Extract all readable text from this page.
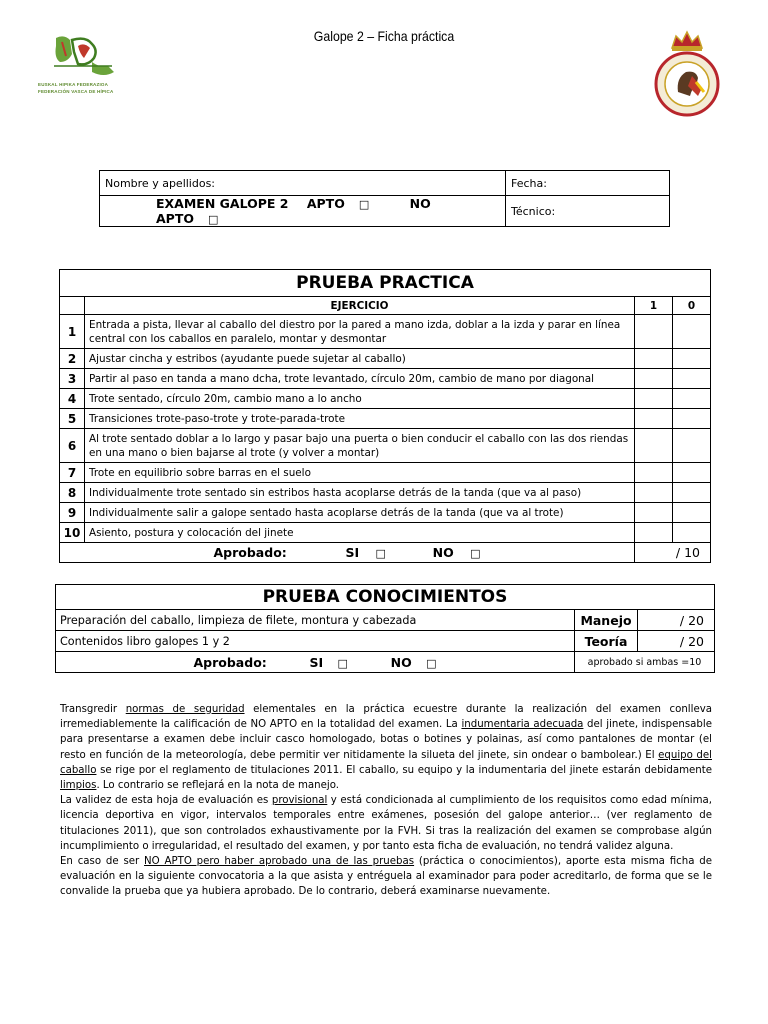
Galope 2 – Ficha práctica
EUSKAL HIPIKA FEDERAZIOA
FEDERACIÓN VASCA DE HÍPICA
Nombre y apellidos:	Fecha:
EXAMEN GALOPE 2 APTO □ NO APTO □	Técnico:
PRUEBA PRACTICA			
	EJERCICIO	1	0
1	Entrada a pista, llevar al caballo del diestro por la pared a mano izda, doblar a la izda y parar en línea central con los caballos en paralelo, montar y desmontar		
2	Ajustar cincha y estribos (ayudante puede sujetar al caballo)		
3	Partir al paso en tanda a mano dcha, trote levantado, círculo 20m, cambio de mano por diagonal		
4	Trote sentado, círculo 20m, cambio mano a lo ancho		
5	Transiciones trote-paso-trote y trote-parada-trote		
6	Al trote sentado doblar a lo largo y pasar bajo una puerta o bien conducir el caballo con las dos riendas en una mano o bien bajarse al trote (y volver a montar)		
7	Trote en equilibrio sobre barras en el suelo		
8	Individualmente trote sentado sin estribos hasta acoplarse detrás de la tanda (que va al paso)		
9	Individualmente salir a galope sentado hasta acoplarse detrás de la tanda (que va al trote)		
10	Asiento, postura y colocación del jinete		
Aprobado: SI □ NO □		/ 10	
PRUEBA CONOCIMIENTOS		
Preparación del caballo, limpieza de filete, montura y cabezada	Manejo	/ 20
Contenidos libro galopes 1 y 2	Teoría	/ 20
Aprobado: SI □ NO □	aprobado si ambas =10	

Transgredir normas de seguridad elementales en la práctica ecuestre durante la realización del examen conlleva irremediablemente la calificación de NO APTO en la totalidad del examen. La indumentaria adecuada del jinete, indispensable para presentarse a examen debe incluir casco homologado, botas o botines y polainas, así como pantalones de montar (el resto en función de la meteorología, debe permitir ver nitidamente la silueta del jinete, sin ondear o bambolear.) El equipo del caballo se rige por el reglamento de titulaciones 2011. El caballo, su equipo y la indumentaria del jinete estarán debidamente limpios. Lo contrario se reflejará en la nota de manejo.

La validez de esta hoja de evaluación es provisional y está condicionada al cumplimiento de los requisitos como edad mínima, licencia deportiva en vigor, intervalos temporales entre exámenes, posesión del galope anterior… (ver reglamento de titulaciones 2011), que son controlados exhaustivamente por la FVH. Si tras la realización del examen se comprobase algún incumplimiento o irregularidad, el resultado del examen, y por tanto esta ficha de evaluación, no tendrá validez alguna.

En caso de ser NO APTO pero haber aprobado una de las pruebas (práctica o conocimientos), aporte esta misma ficha de evaluación en la siguiente convocatoria a la que asista y entréguela al examinador para poder acreditarlo, de forma que se le convalide la prueba que ya hubiera aprobado. De lo contrario, deberá examinarse nuevamente.
